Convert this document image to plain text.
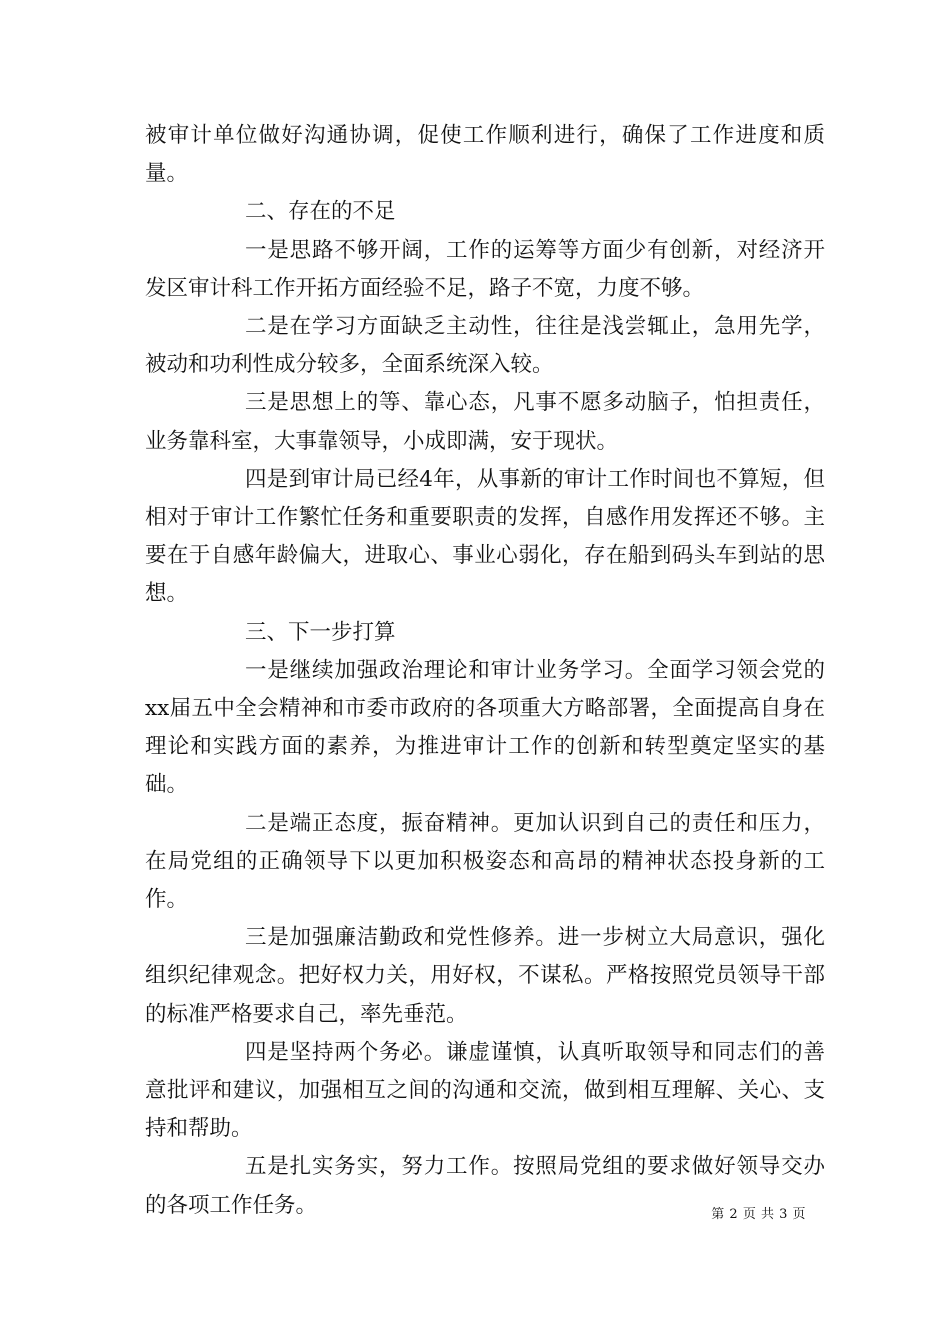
被审计单位做好沟通协调，促使工作顺利进行，确保了工作进度和质量。

二、存在的不足

一是思路不够开阔，工作的运筹等方面少有创新，对经济开发区审计科工作开拓方面经验不足，路子不宽，力度不够。

二是在学习方面缺乏主动性，往往是浅尝辄止，急用先学，被动和功利性成分较多，全面系统深入较。

三是思想上的等、靠心态，凡事不愿多动脑子，怕担责任，业务靠科室，大事靠领导，小成即满，安于现状。

四是到审计局已经4年，从事新的审计工作时间也不算短，但相对于审计工作繁忙任务和重要职责的发挥，自感作用发挥还不够。主要在于自感年龄偏大，进取心、事业心弱化，存在船到码头车到站的思想。

三、下一步打算

一是继续加强政治理论和审计业务学习。全面学习领会党的xx届五中全会精神和市委市政府的各项重大方略部署，全面提高自身在理论和实践方面的素养，为推进审计工作的创新和转型奠定坚实的基础。

二是端正态度，振奋精神。更加认识到自己的责任和压力，在局党组的正确领导下以更加积极姿态和高昂的精神状态投身新的工作。

三是加强廉洁勤政和党性修养。进一步树立大局意识，强化组织纪律观念。把好权力关，用好权，不谋私。严格按照党员领导干部的标准严格要求自己，率先垂范。

四是坚持两个务必。谦虚谨慎，认真听取领导和同志们的善意批评和建议，加强相互之间的沟通和交流，做到相互理解、关心、支持和帮助。

五是扎实务实，努力工作。按照局党组的要求做好领导交办的各项工作任务。	第 2 页 共 3 页
